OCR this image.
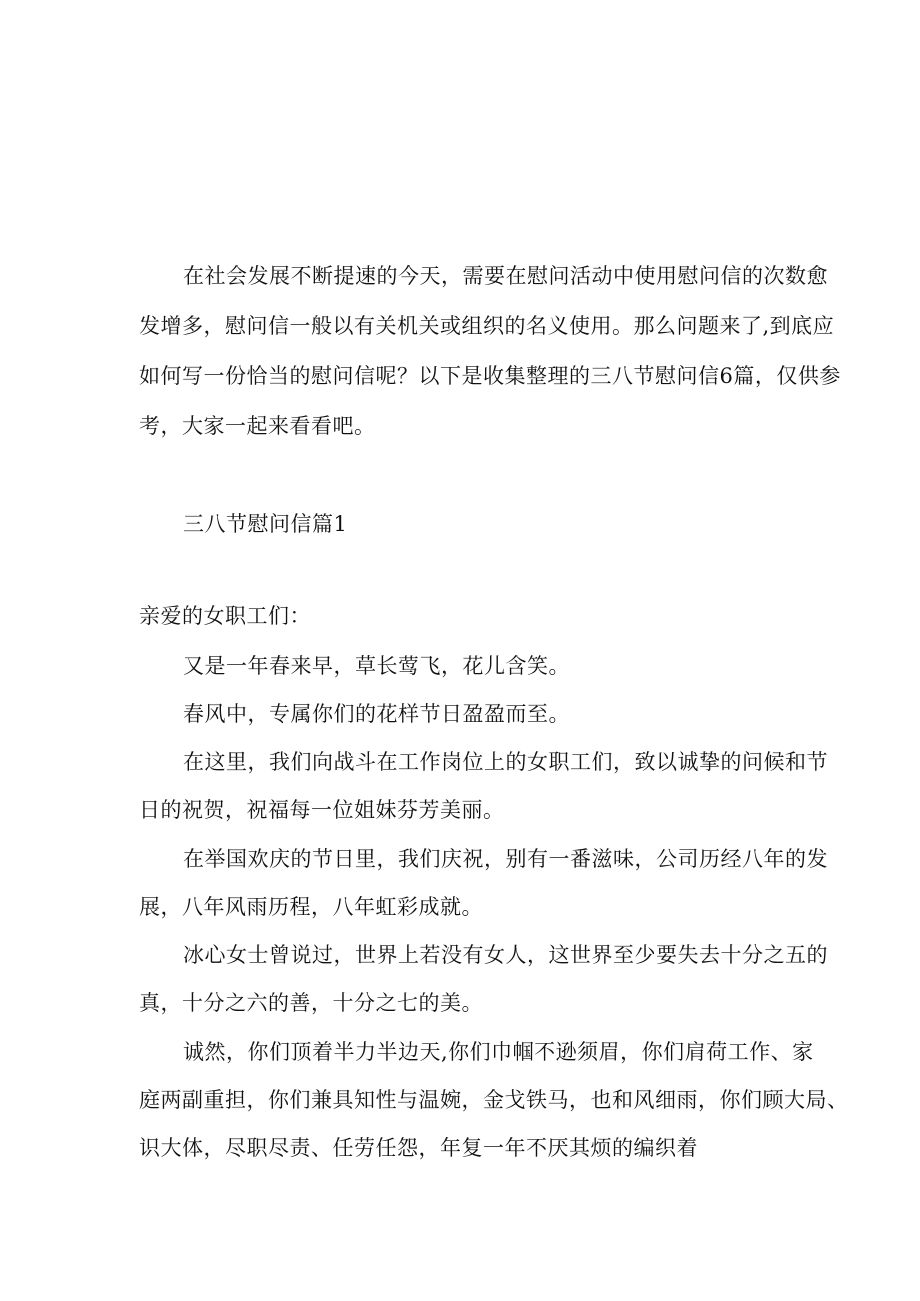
在社会发展不断提速的今天，需要在慰问活动中使用慰问信的次数愈

发增多，慰问信一般以有关机关或组织的名义使用。那么问题来了,到底应

如何写一份恰当的慰问信呢？以下是收集整理的三八节慰问信6篇，仅供参

考，大家一起来看看吧。

三八节慰问信篇1

亲爱的女职工们：

又是一年春来早，草长莺飞，花儿含笑。

春风中，专属你们的花样节日盈盈而至。

在这里，我们向战斗在工作岗位上的女职工们，致以诚挚的问候和节

日的祝贺，祝福每一位姐妹芬芳美丽。

在举国欢庆的节日里，我们庆祝，别有一番滋味，公司历经八年的发

展，八年风雨历程，八年虹彩成就。

冰心女士曾说过，世界上若没有女人，这世界至少要失去十分之五的

真，十分之六的善，十分之七的美。

诚然，你们顶着半力半边天,你们巾帼不逊须眉，你们肩荷工作、家

庭两副重担，你们兼具知性与温婉，金戈铁马，也和风细雨，你们顾大局、

识大体，尽职尽责、任劳任怨，年复一年不厌其烦的编织着
